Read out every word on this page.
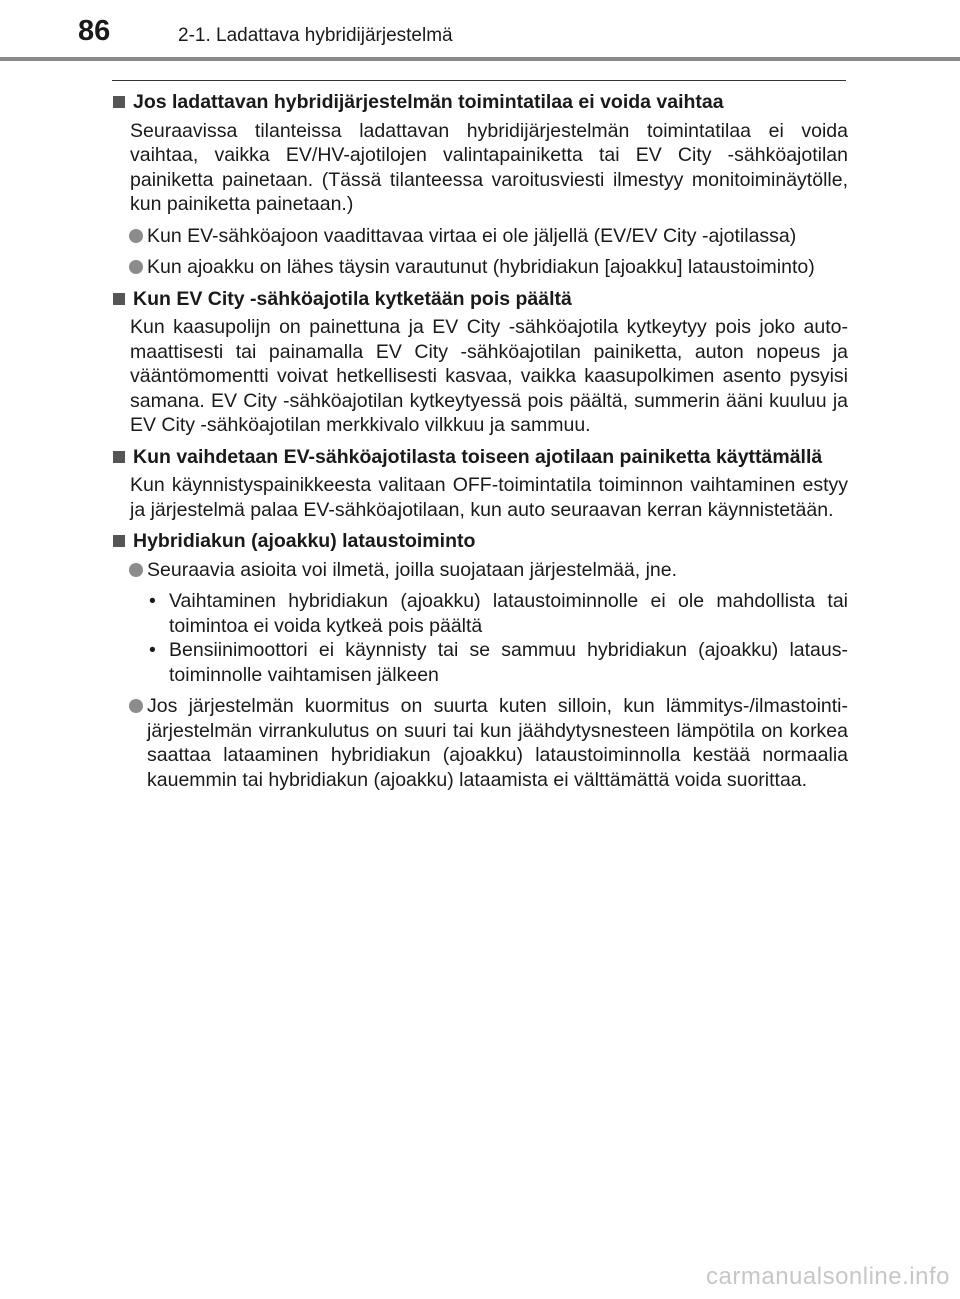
86	2-1. Ladattava hybridijärjestelmä
Jos ladattavan hybridijärjestelmän toimintatilaa ei voida vaihtaa

Seuraavissa tilanteissa ladattavan hybridijärjestelmän toimintatilaa ei voida vaihtaa, vaikka EV/HV-ajotilojen valintapainiketta tai EV City -sähköajotilan painiketta painetaan. (Tässä tilanteessa varoitusviesti ilmestyy monitoiminäytölle, kun painiketta painetaan.)

Kun EV-sähköajoon vaadittavaa virtaa ei ole jäljellä (EV/EV City -ajotilassa)
Kun ajoakku on lähes täysin varautunut (hybridiakun [ajoakku] lataustoiminto)
Kun EV City -sähköajotila kytketään pois päältä

Kun kaasupolijn on painettuna ja EV City -sähköajotila kytkeytyy pois joko automaattisesti tai painamalla EV City -sähköajotilan painiketta, auton nopeus ja vääntömomentti voivat hetkellisesti kasvaa, vaikka kaasupolkimen asento pysyisi samana. EV City -sähköajotilan kytkeytyessä pois päältä, summerin ääni kuuluu ja EV City -sähköajotilan merkkivalo vilkkuu ja sammuu.

Kun vaihdetaan EV-sähköajotilasta toiseen ajotilaan painiketta käyttämällä

Kun käynnistyspainikkeesta valitaan OFF-toimintatila toiminnon vaihtaminen estyy ja järjestelmä palaa EV-sähköajotilaan, kun auto seuraavan kerran käynnistetään.

Hybridiakun (ajoakku) lataustoiminto
Seuraavia asioita voi ilmetä, joilla suojataan järjestelmää, jne.
• Vaihtaminen hybridiakun (ajoakku) lataustoiminnolle ei ole mahdollista tai toimintoa ei voida kytkeä pois päältä
• Bensiinimoottori ei käynnisty tai se sammuu hybridiakun (ajoakku) lataustoiminnolle vaihtamisen jälkeen
Jos järjestelmän kuormitus on suurta kuten silloin, kun lämmitys-/ilmastointijärjestelmän virrankulutus on suuri tai kun jäähdytysnesteen lämpötila on korkea saattaa lataaminen hybridiakun (ajoakku) lataustoiminnolla kestää normaalia kauemmin tai hybridiakun (ajoakku) lataamista ei välttämättä voida suorittaa.
carmanualsonline.info
